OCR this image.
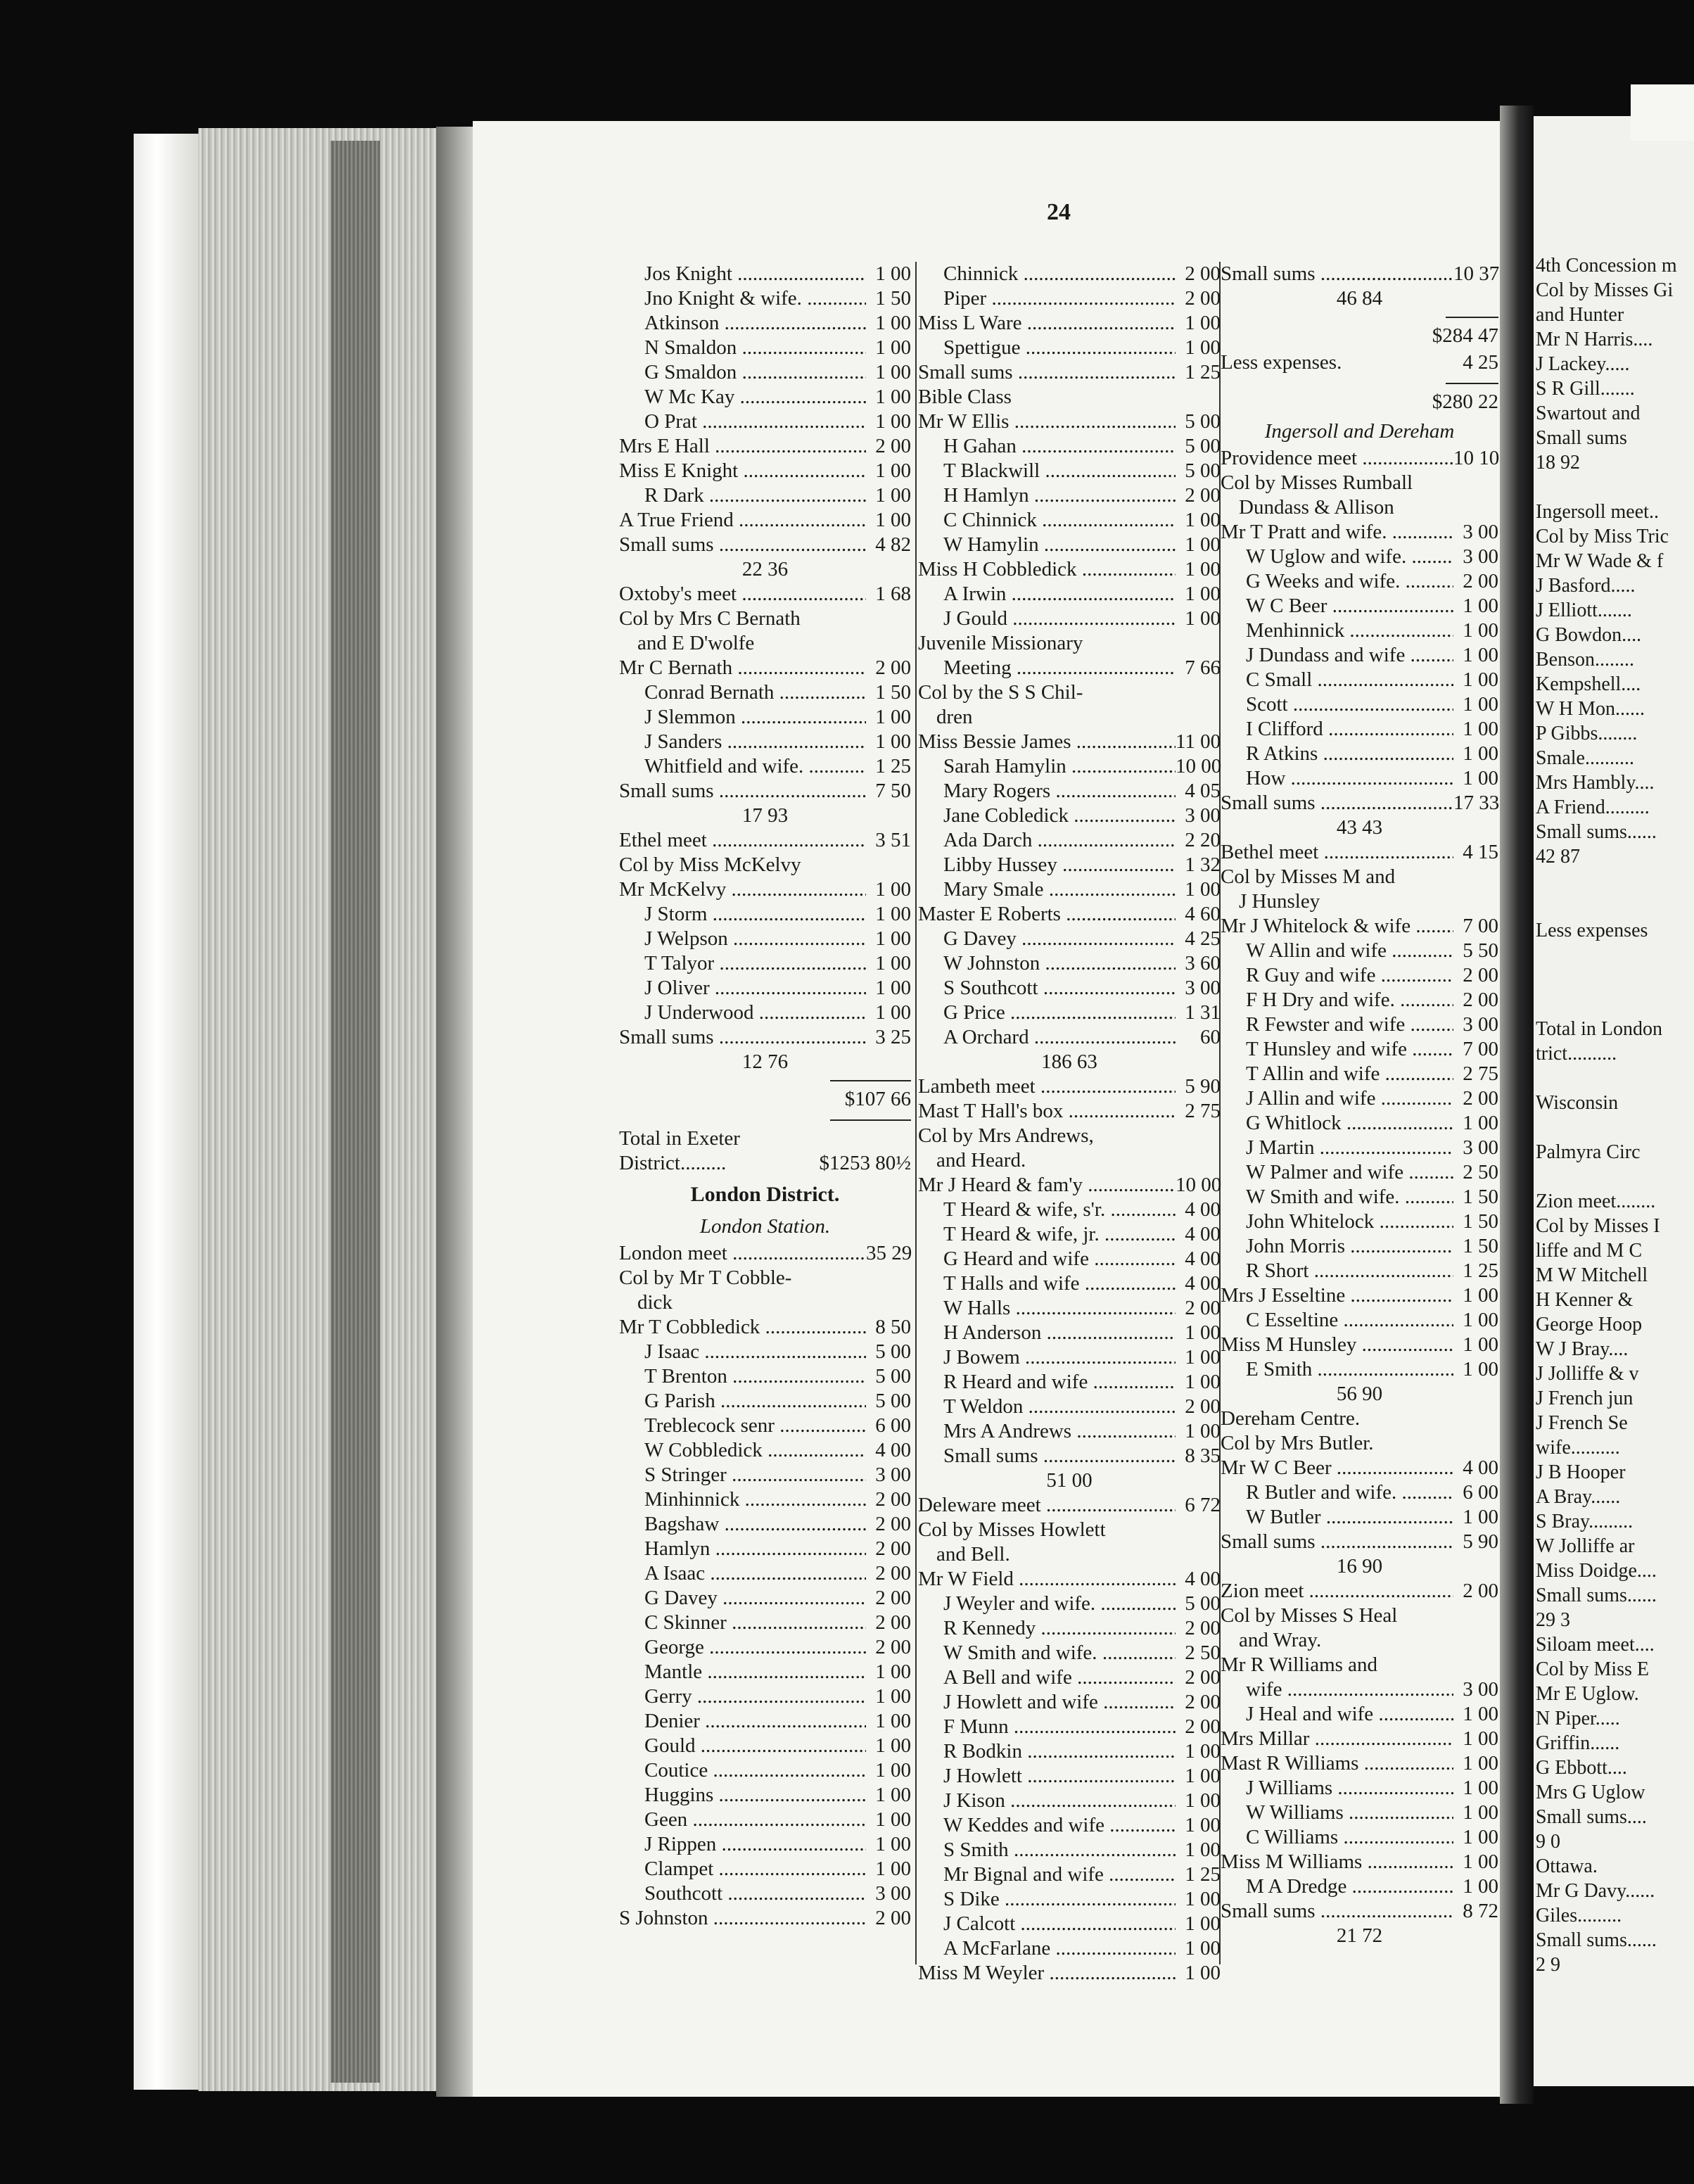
24
Jos Knight .....	1 00
Jno Knight & wife. .....	1 50
Atkinson .....	1 00
N Smaldon .....	1 00
G Smaldon .....	1 00
W Mc Kay .....	1 00
O Prat .....	1 00
Mrs E Hall .....	2 00
Miss E Knight .....	1 00
R Dark .....	1 00
A True Friend .....	1 00
Small sums .....	4 82
22 36
Oxtoby's meet .....	1 68
Col by Mrs C Bernath
and E D'wolfe
Mr C Bernath .....	2 00
Conrad Bernath .....	1 50
J Slemmon .....	1 00
J Sanders .....	1 00
Whitfield and wife. .....	1 25
Small sums .....	7 50
17 93
Ethel meet .....	3 51
Col by Miss McKelvy
Mr McKelvy .....	1 00
J Storm .....	1 00
J Welpson .....	1 00
T Talyor .....	1 00
J Oliver .....	1 00
J Underwood .....	1 00
Small sums .....	3 25
12 76
$107 66
Total in Exeter
District.........	$1253 80½
London District.
London Station.
London meet .....	35 29
Col by Mr T Cobble-
dick
Mr T Cobbledick .....	8 50
J Isaac .....	5 00
T Brenton .....	5 00
G Parish .....	5 00
Treblecock senr .....	6 00
W Cobbledick .....	4 00
S Stringer .....	3 00
Minhinnick .....	2 00
Bagshaw .....	2 00
Hamlyn .....	2 00
A Isaac .....	2 00
G Davey .....	2 00
C Skinner .....	2 00
George .....	2 00
Mantle .....	1 00
Gerry .....	1 00
Denier .....	1 00
Gould .....	1 00
Coutice .....	1 00
Huggins .....	1 00
Geen .....	1 00
J Rippen .....	1 00
Clampet .....	1 00
Southcott .....	3 00
S Johnston .....	2 00
Chinnick .....	2 00
Piper .....	2 00
Miss L Ware .....	1 00
Spettigue .....	1 00
Small sums .....	1 25
Bible Class
Mr W Ellis .....	5 00
H Gahan .....	5 00
T Blackwill .....	5 00
H Hamlyn .....	2 00
C Chinnick .....	1 00
W Hamylin .....	1 00
Miss H Cobbledick .....	1 00
A Irwin .....	1 00
J Gould .....	1 00
Juvenile Missionary
Meeting .....	7 66
Col by the S S Chil-
dren
Miss Bessie James .....	11 00
Sarah Hamylin .....	10 00
Mary Rogers .....	4 05
Jane Cobledick .....	3 00
Ada Darch .....	2 20
Libby Hussey .....	1 32
Mary Smale .....	1 00
Master E Roberts .....	4 60
G Davey .....	4 25
W Johnston .....	3 60
S Southcott .....	3 00
G Price .....	1 31
A Orchard .....	60
186 63
Lambeth meet .....	5 90
Mast T Hall's box .....	2 75
Col by Mrs Andrews,
and Heard.
Mr J Heard & fam'y .....	10 00
T Heard & wife, s'r. .....	4 00
T Heard & wife, jr. .....	4 00
G Heard and wife .....	4 00
T Halls and wife .....	4 00
W Halls .....	2 00
H Anderson .....	1 00
J Bowem .....	1 00
R Heard and wife .....	1 00
T Weldon .....	2 00
Mrs A Andrews .....	1 00
Small sums .....	8 35
51 00
Deleware meet .....	6 72
Col by Misses Howlett
and Bell.
Mr W Field .....	4 00
J Weyler and wife. .....	5 00
R Kennedy .....	2 00
W Smith and wife. .....	2 50
A Bell and wife .....	2 00
J Howlett and wife .....	2 00
F Munn .....	2 00
R Bodkin .....	1 00
J Howlett .....	1 00
J Kison .....	1 00
W Keddes and wife .....	1 00
S Smith .....	1 00
Mr Bignal and wife .....	1 25
S Dike .....	1 00
J Calcott .....	1 00
A McFarlane .....	1 00
Miss M Weyler .....	1 00
Small sums .....	10 37
46 84
$284 47
Less expenses.	4 25
$280 22
Ingersoll and Dereham
Providence meet .....	10 10
Col by Misses Rumball
Dundass & Allison
Mr T Pratt and wife. .....	3 00
W Uglow and wife. .....	3 00
G Weeks and wife. .....	2 00
W C Beer .....	1 00
Menhinnick .....	1 00
J Dundass and wife .....	1 00
C Small .....	1 00
Scott .....	1 00
I Clifford .....	1 00
R Atkins .....	1 00
How .....	1 00
Small sums .....	17 33
43 43
Bethel meet .....	4 15
Col by Misses M and
J Hunsley
Mr J Whitelock & wife .....	7 00
W Allin and wife .....	5 50
R Guy and wife .....	2 00
F H Dry and wife. .....	2 00
R Fewster and wife .....	3 00
T Hunsley and wife .....	7 00
T Allin and wife .....	2 75
J Allin and wife .....	2 00
G Whitlock .....	1 00
J Martin .....	3 00
W Palmer and wife .....	2 50
W Smith and wife. .....	1 50
John Whitelock .....	1 50
John Morris .....	1 50
R Short .....	1 25
Mrs J Esseltine .....	1 00
C Esseltine .....	1 00
Miss M Hunsley .....	1 00
E Smith .....	1 00
56 90
Dereham Centre.
Col by Mrs Butler.
Mr W C Beer .....	4 00
R Butler and wife. .....	6 00
W Butler .....	1 00
Small sums .....	5 90
16 90
Zion meet .....	2 00
Col by Misses S Heal
and Wray.
Mr R Williams and
wife .....	3 00
J Heal and wife .....	1 00
Mrs Millar .....	1 00
Mast R Williams .....	1 00
J Williams .....	1 00
W Williams .....	1 00
C Williams .....	1 00
Miss M Williams .....	1 00
M A Dredge .....	1 00
Small sums .....	8 72
21 72
4th Concession m
Col by Misses Gi
and Hunter
Mr N Harris....
J Lackey.....
S R Gill.......
Swartout and
Small sums
18 92
Ingersoll meet..
Col by Miss Tric
Mr W Wade & f
J Basford.....
J Elliott.......
G Bowdon....
Benson........
Kempshell....
W H Mon......
P Gibbs........
Smale..........
Mrs Hambly....
A Friend.........
Small sums......
42 87
Less expenses
Total in London
trict..........
Wisconsin
Palmyra Circ
Zion meet........
Col by Misses I
liffe and M C
M W Mitchell
H Kenner &
George Hoop
W J Bray....
J Jolliffe & v
J French jun
J French Se
wife..........
J B Hooper
A Bray......
S Bray.........
W Jolliffe ar
Miss Doidge....
Small sums......
29 3
Siloam meet....
Col by Miss E
Mr E Uglow.
N Piper.....
Griffin......
G Ebbott....
Mrs G Uglow
Small sums....
9 0
Ottawa.
Mr G Davy......
Giles.........
Small sums......
2 9
